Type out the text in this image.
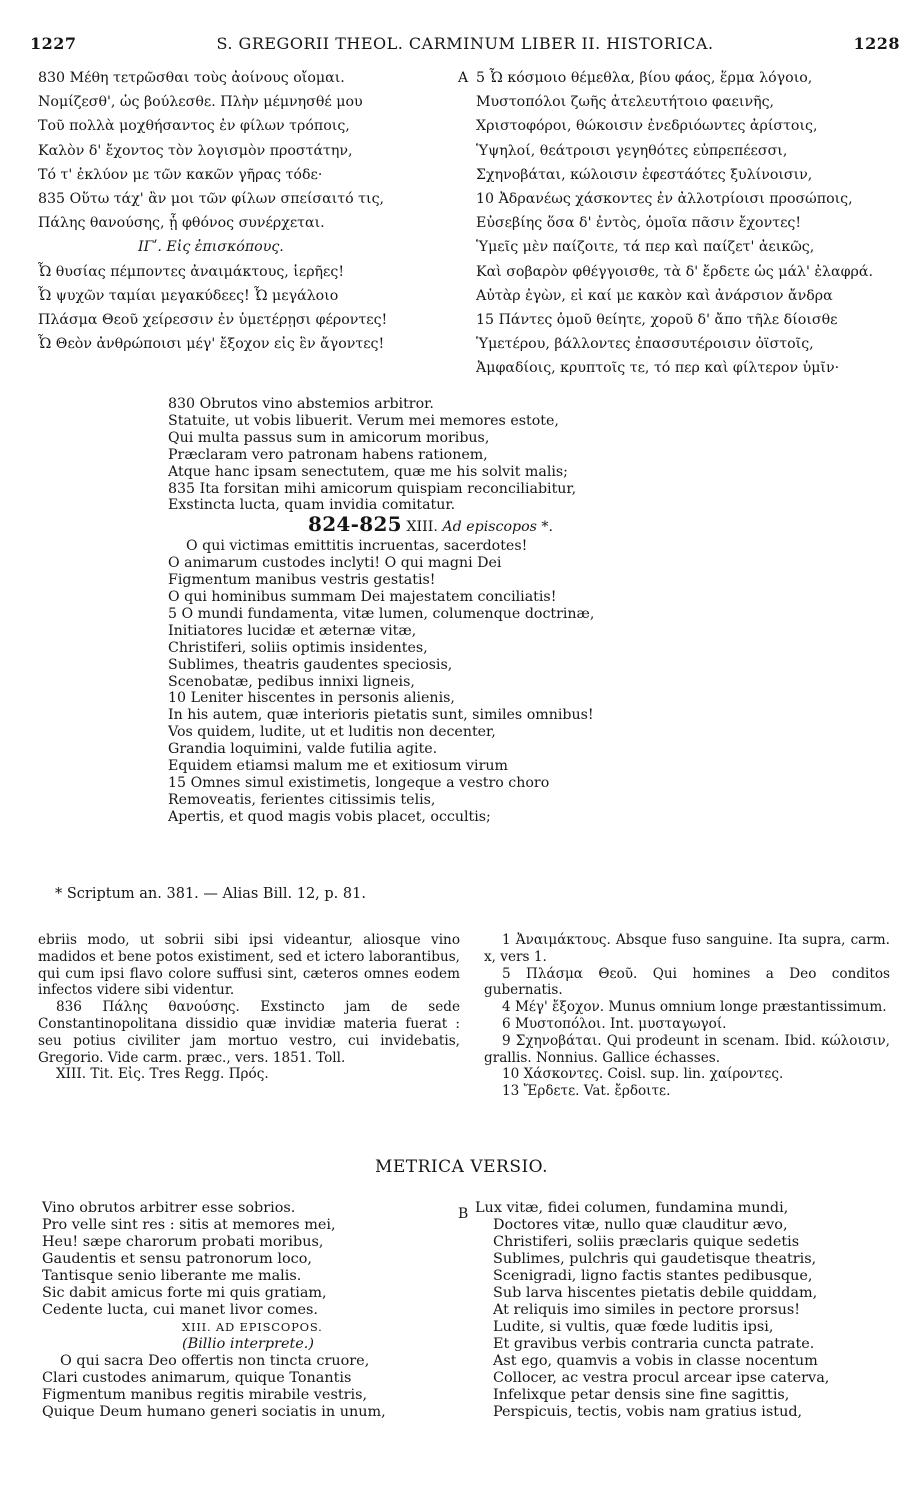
1227	S. GREGORII THEOL. CARMINUM LIBER II. HISTORICA.	1228
830 Μέθη τετρῶσθαι τοὺς ἀοίνους οἴομαι.
Νομίζεσθ', ὡς βούλεσθε. Πλὴν μέμνησθέ μου
Τοῦ πολλὰ μοχθήσαντος ἐν φίλων τρόποις,
Καλὸν δ' ἔχοντος τὸν λογισμὸν προστάτην,
Τό τ' ἐκλύον με τῶν κακῶν γῆρας τόδε·
835 Οὕτω τάχ' ἂν μοι τῶν φίλων σπείσαιτό τις,
Πάλης θανούσης, ᾗ φθόνος συνέρχεται.
ΙΓʹ. Εἰς ἐπισκόπους.
Ὦ θυσίας πέμποντες ἀναιμάκτους, ἱερῆες!
Ὦ ψυχῶν ταμίαι μεγακύδεες! Ὦ μεγάλοιο
Πλάσμα Θεοῦ χείρεσσιν ἐν ὑμετέρῃσι φέροντες!
Ὦ Θεὸν ἀνθρώποισι μέγ' ἔξοχον εἰς ἓν ἄγοντες!
A 5 Ὦ κόσμοιο θέμεθλα, βίου φάος, ἕρμα λόγοιο,
Μυστοπόλοι ζωῆς ἀτελευτήτοιο φαεινῆς,
Χριστοφόροι, θώκοισιν ἐνεδριόωντες ἀρίστοις,
Ὑψηλοί, θεάτροισι γεγηθότες εὐπρεπέεσσι,
Σχηνοβάται, κώλοισιν ἐφεστάότες ξυλίνοισιν,
10 Ἀδρανέως χάσκοντες ἐν ἀλλοτρίοισι προσώποις,
Εὐσεβίης ὅσα δ' ἐντὸς, ὁμοῖα πᾶσιν ἔχοντες!
Ὑμεῖς μὲν παίζοιτε, τά περ καὶ παίζετ' ἀεικῶς,
Καὶ σοβαρὸν φθέγγοισθε, τὰ δ' ἔρδετε ὡς μάλ' ἐλαφρά.
Αὐτὰρ ἐγὼν, εἰ καί με κακὸν καὶ ἀνάρσιον ἄνδρα
15 Πάντες ὁμοῦ θείητε, χοροῦ δ' ἄπο τῆλε δίοισθε
Ὑμετέρου, βάλλοντες ἐπασσυτέροισιν ὀϊστοῖς,
Ἀμφαδίοις, κρυπτοῖς τε, τό περ καὶ φίλτερον ὑμῖν·
830 Obrutos vino abstemios arbitror.
Statuite, ut vobis libuerit. Verum mei memores estote,
Qui multa passus sum in amicorum moribus,
Præclaram vero patronam habens rationem,
Atque hanc ipsam senectutem, quæ me his solvit malis;
835 Ita forsitan mihi amicorum quispiam reconciliabitur,
Exstincta lucta, quam invidia comitatur.
824-825 XIII. Ad episcopos *.
O qui victimas emittitis incruentas, sacerdotes!
O animarum custodes inclyti! O qui magni Dei
Figmentum manibus vestris gestatis!
O qui hominibus summam Dei majestatem conciliatis!
5 O mundi fundamenta, vitæ lumen, columenque doctrinæ,
Initiatores lucidæ et æternæ vitæ,
Christiferi, soliis optimis insidentes,
Sublimes, theatris gaudentes speciosis,
Scenobatæ, pedibus innixi ligneis,
10 Leniter hiscentes in personis alienis,
In his autem, quæ interioris pietatis sunt, similes omnibus!
Vos quidem, ludite, ut et luditis non decenter,
Grandia loquimini, valde futilia agite.
Equidem etiamsi malum me et exitiosum virum
15 Omnes simul existimetis, longeque a vestro choro
Removeatis, ferientes citissimis telis,
Apertis, et quod magis vobis placet, occultis;
* Scriptum an. 381. — Alias Bill. 12, p. 81.

ebriis modo, ut sobrii sibi ipsi videantur, aliosque vino madidos et bene potos existiment, sed et ictero laborantibus, qui cum ipsi flavo colore suffusi sint, cæteros omnes eodem infectos videre sibi videntur.

836 Πάλης θανούσης. Exstincto jam de sede Constantinopolitana dissidio quæ invidiæ materia fuerat : seu potius civiliter jam mortuo vestro, cui invidebatis, Gregorio. Vide carm. præc., vers. 1851. Toll.

XIII. Tit. Εἰς. Tres Regg. Πρός.

1 Ἀναιμάκτους. Absque fuso sanguine. Ita supra, carm. x, vers 1.

5 Πλάσμα Θεοῦ. Qui homines a Deo conditos gubernatis.

4 Μέγ' ἔξοχον. Munus omnium longe præstantissimum.

6 Μυστοπόλοι. Int. μυσταγωγοί.

9 Σχηνοβάται. Qui prodeunt in scenam. Ibid. κώλοισιν, grallis. Nonnius. Gallice échasses.

10 Χάσκοντες. Coisl. sup. lin. χαίροντες.

13 Ἔρδετε. Vat. ἔρδοιτε.

METRICA VERSIO.
Vino obrutos arbitrer esse sobrios.
Pro velle sint res : sitis at memores mei,
Heu! sæpe charorum probati moribus,
Gaudentis et sensu patronorum loco,
Tantisque senio liberante me malis.
Sic dabit amicus forte mi quis gratiam,
Cedente lucta, cui manet livor comes.
XIII. AD EPISCOPOS.
(Billio interprete.)
O qui sacra Deo offertis non tincta cruore,
Clari custodes animarum, quique Tonantis
Figmentum manibus regitis mirabile vestris,
Quique Deum humano generi sociatis in unum,
B Lux vitæ, fidei columen, fundamina mundi,
Doctores vitæ, nullo quæ clauditur ævo,
Christiferi, soliis præclaris quique sedetis
Sublimes, pulchris qui gaudetisque theatris,
Scenigradi, ligno factis stantes pedibusque,
Sub larva hiscentes pietatis debile quiddam,
At reliquis imo similes in pectore prorsus!
Ludite, si vultis, quæ fœde luditis ipsi,
Et gravibus verbis contraria cuncta patrate.
Ast ego, quamvis a vobis in classe nocentum
Collocer, ac vestra procul arcear ipse caterva,
Infelixque petar densis sine fine sagittis,
Perspicuis, tectis, vobis nam gratius istud,
